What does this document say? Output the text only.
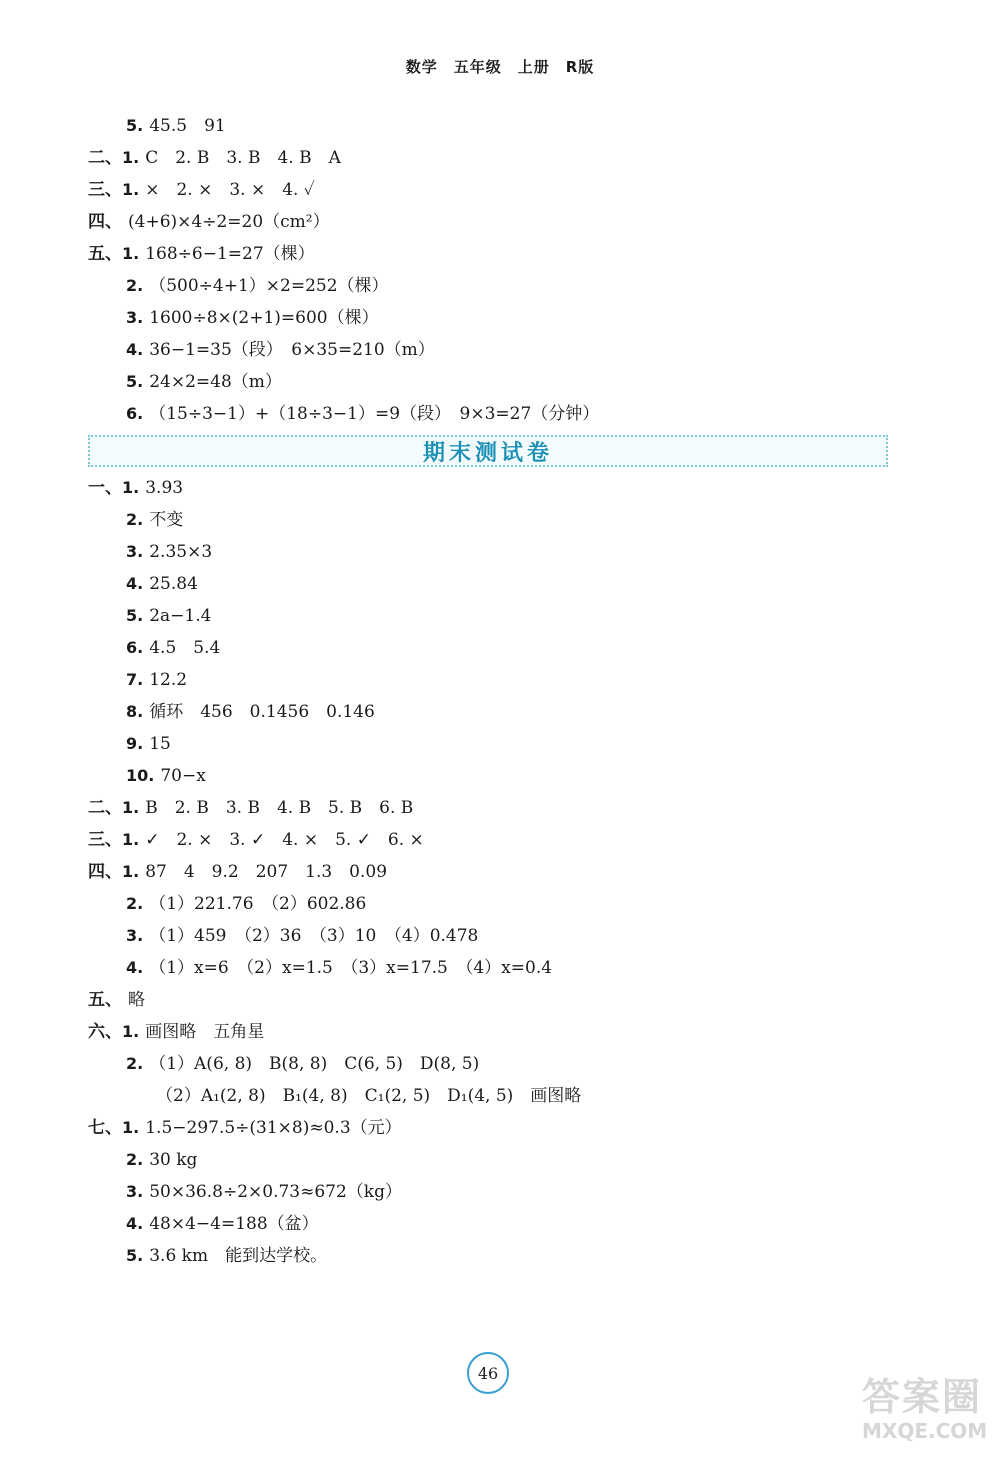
数学　五年级　上册　R版
5. 45.5　91
二、1. C　2. B　3. B　4. B　A
三、1. ×　2. ×　3. ×　4. ✓
四、 (4+6)×4÷2=20（cm²）
五、1. 168÷6−1=27（棵）
2. （500÷4+1）×2=252（棵）
3. 1600÷8×(2+1)=600（棵）
4. 36−1=35（段）　6×35=210（m）
5. 24×2=48（m）
6. （15÷3−1）+（18÷3−1）=9（段）　9×3=27（分钟）
期末测试卷
一、1. 3.93
2. 不变
3. 2.35×3
4. 25.84
5. 2a−1.4
6. 4.5　5.4
7. 12.2
8. 循环　456　0.1456　0.146
9. 15
10. 70−x
二、1. B　2. B　3. B　4. B　5. B　6. B
三、1. ✓　2. ×　3. ✓　4. ×　5. ✓　6. ×
四、1. 87　4　9.2　207　1.3　0.09
2. （1）221.76　（2）602.86
3. （1）459　（2）36　（3）10　（4）0.478
4. （1）x=6　（2）x=1.5　（3）x=17.5　（4）x=0.4
五、 略
六、1. 画图略　五角星
2. （1）A(6, 8)　B(8, 8)　C(6, 5)　D(8, 5)
（2）A₁(2, 8)　B₁(4, 8)　C₁(2, 5)　D₁(4, 5)　画图略
七、1. 1.5−297.5÷(31×8)≈0.3（元）
2. 30 kg
3. 50×36.8÷2×0.73≈672（kg）
4. 48×4−4=188（盆）
5. 3.6 km　能到达学校。
46
答案圈
MXQE.COM
